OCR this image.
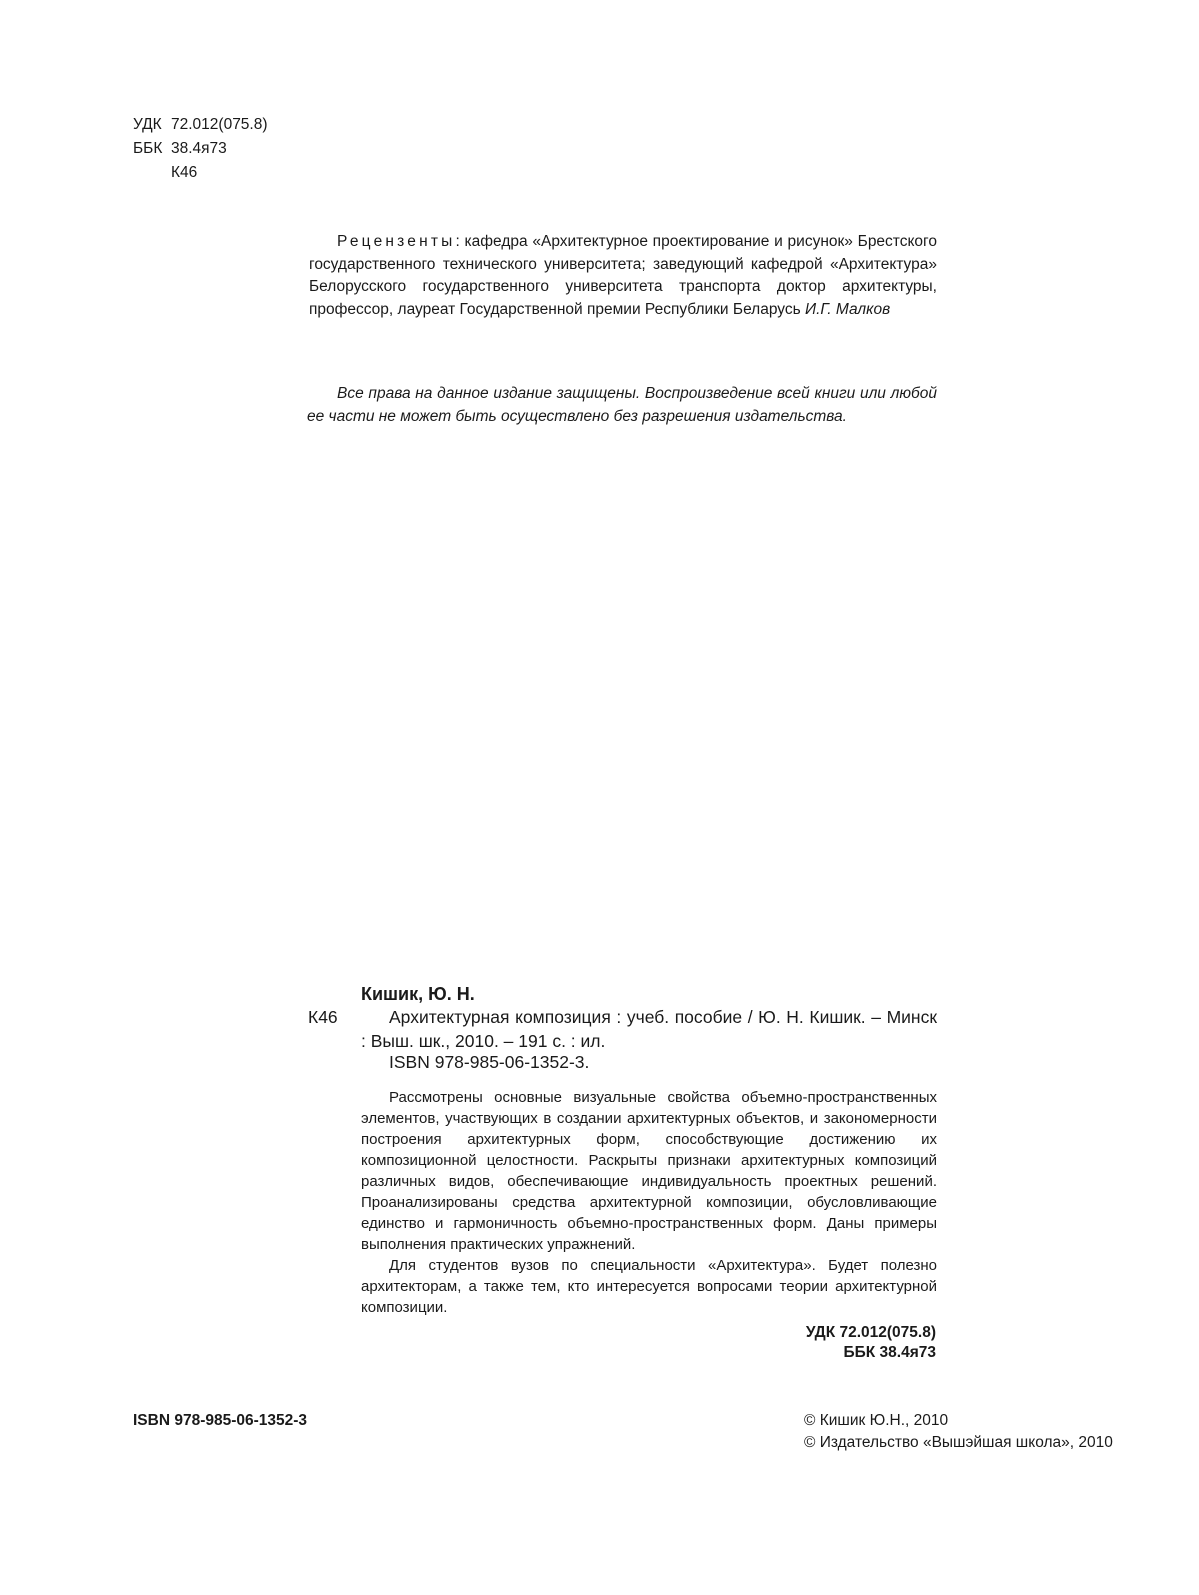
УДК 72.012(075.8)
ББК 38.4я73
К46
Рецензенты: кафедра «Архитектурное проектирование и рисунок» Брестского государственного технического университета; заведующий кафедрой «Архитектура» Белорусского государственного университета транспорта доктор архитектуры, профессор, лауреат Государственной премии Республики Беларусь И.Г. Малков
Все права на данное издание защищены. Воспроизведение всей книги или любой ее части не может быть осуществлено без разрешения издательства.
Кишик, Ю. Н.
К46	Архитектурная композиция : учеб. пособие / Ю. Н. Кишик. – Минск : Выш. шк., 2010. – 191 с. : ил.
ISBN 978-985-06-1352-3.

Рассмотрены основные визуальные свойства объемно-пространственных элементов, участвующих в создании архитектурных объектов, и закономерности построения архитектурных форм, способствующие достижению их композиционной целостности. Раскрыты признаки архитектурных композиций различных видов, обеспечивающие индивидуальность проектных решений. Проанализированы средства архитектурной композиции, обусловливающие единство и гармоничность объемно-пространственных форм. Даны примеры выполнения практических упражнений.

Для студентов вузов по специальности «Архитектура». Будет полезно архитекторам, а также тем, кто интересуется вопросами теории архитектурной композиции.

УДК 72.012(075.8)
ББК 38.4я73
ISBN 978-985-06-1352-3	© Кишик Ю.Н., 2010
© Издательство «Вышэйшая школа», 2010
